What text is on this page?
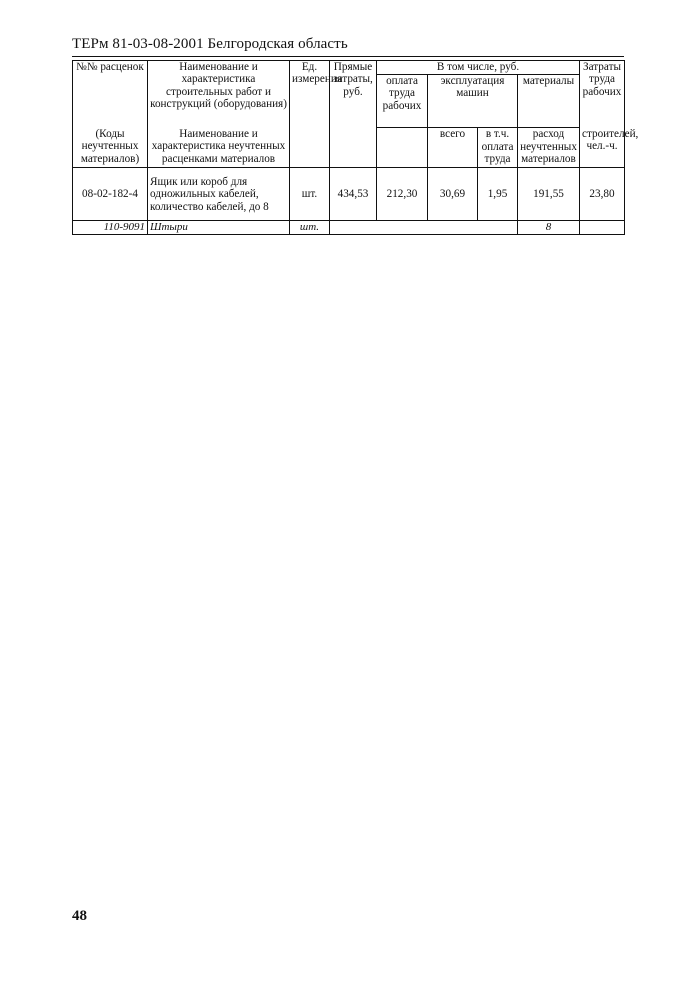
ТЕРм 81-03-08-2001 Белгородская область
№№ расценок	Наименование и характеристика строительных работ и конструкций (оборудования)	Ед. измерения	Прямые затраты, руб.	В том числе, руб.				Затраты труда рабочих
				оплата труда рабочих	эксплуатация машин		материалы	

(Коды неучтенных материалов)	Наименование и характеристика неучтенных расценками материалов				всего	в т.ч. оплата труда	расход неучтенных материалов	строителей, чел.-ч.

08-02-182-4	Ящик или короб для одножильных кабелей, количество кабелей, до 8	шт.	434,53	212,30	30,69	1,95	191,55	23,80
110-9091	Штыри	шт.					8	
48
